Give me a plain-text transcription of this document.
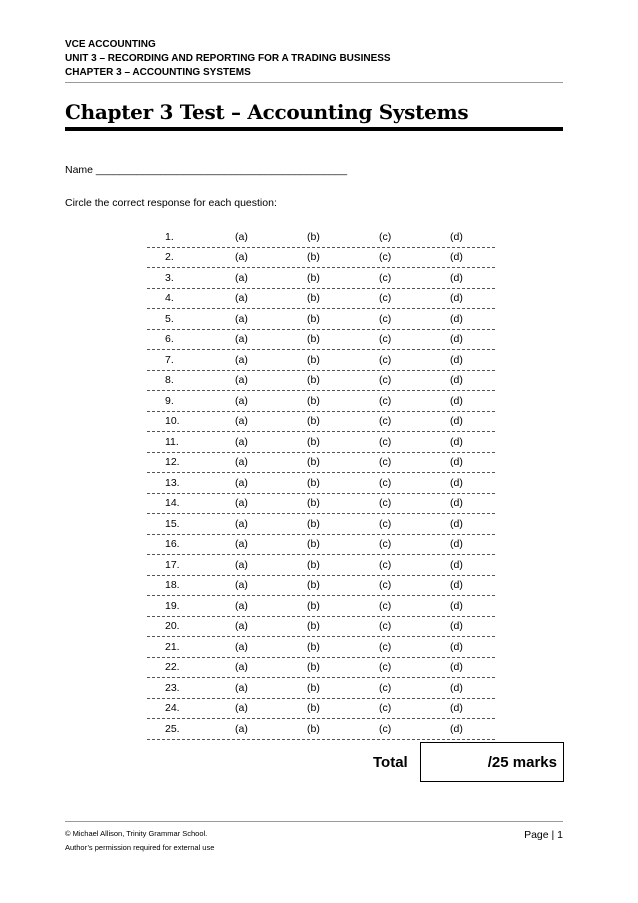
VCE ACCOUNTING
UNIT 3 – RECORDING AND REPORTING FOR A TRADING BUSINESS
CHAPTER 3 – ACCOUNTING SYSTEMS
Chapter 3 Test – Accounting Systems
Name ___________________________________________
Circle the correct response for each question:
1.	(a)	(b)	(c)	(d)
2.	(a)	(b)	(c)	(d)
3.	(a)	(b)	(c)	(d)
4.	(a)	(b)	(c)	(d)
5.	(a)	(b)	(c)	(d)
6.	(a)	(b)	(c)	(d)
7.	(a)	(b)	(c)	(d)
8.	(a)	(b)	(c)	(d)
9.	(a)	(b)	(c)	(d)
10.	(a)	(b)	(c)	(d)
11.	(a)	(b)	(c)	(d)
12.	(a)	(b)	(c)	(d)
13.	(a)	(b)	(c)	(d)
14.	(a)	(b)	(c)	(d)
15.	(a)	(b)	(c)	(d)
16.	(a)	(b)	(c)	(d)
17.	(a)	(b)	(c)	(d)
18.	(a)	(b)	(c)	(d)
19.	(a)	(b)	(c)	(d)
20.	(a)	(b)	(c)	(d)
21.	(a)	(b)	(c)	(d)
22.	(a)	(b)	(c)	(d)
23.	(a)	(b)	(c)	(d)
24.	(a)	(b)	(c)	(d)
25.	(a)	(b)	(c)	(d)
Total	/25 marks
© Michael Allison, Trinity Grammar School.
Author’s permission required for external use
Page | 1
